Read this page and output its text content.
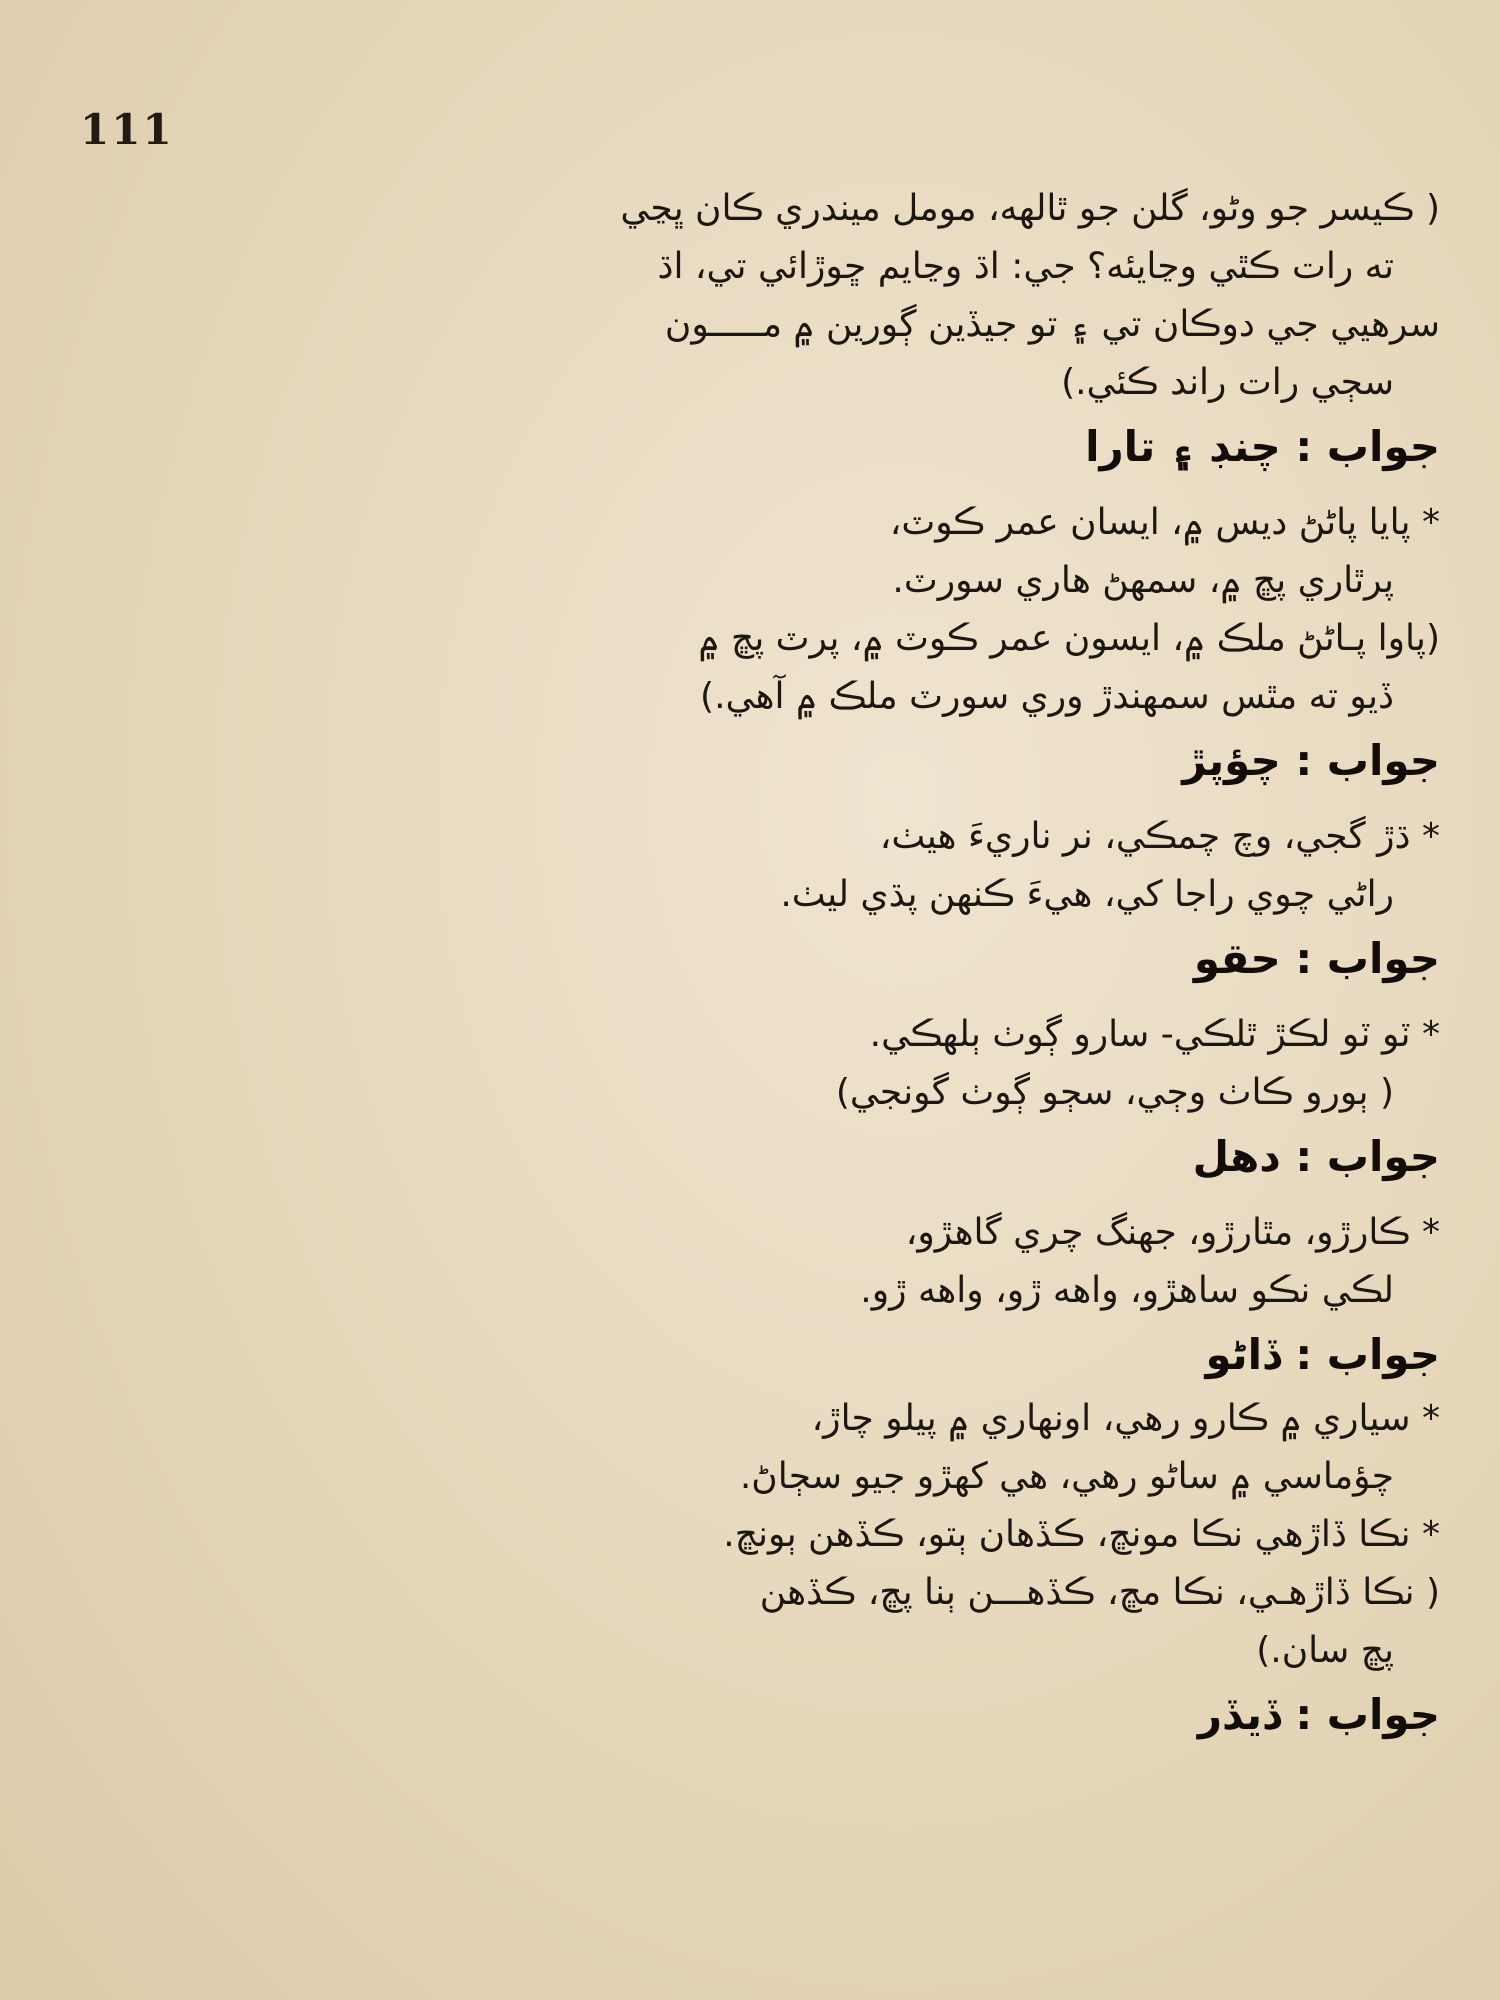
111
( ڪيسر جو وڻو، گلن جو ٿالهه، مومل ميندري ڪان ڀڃي
ته رات ڪٿي وڃايئه؟ جي: اڌ وڃايم ڇوڙائي تي، اڌ
سرهيي جي دوڪان تي ۽ تو جيڏين ڳورين ۾ مـــــون
سڄي رات راند ڪئي.)
جواب : چنڊ ۽ تارا
* پايا پاڻڻ ديس ۾، ايسان عمر ڪوٽ،
پرٿاري پڇ ۾، سمهڻ هاري سورٽ.
(پاوا پـاڻڻ ملڪ ۾، ايسون عمر ڪوٽ ۾، پرٽ پڇ ۾
ڏيو ته مٿس سمهندڙ وري سورٽ ملڪ ۾ آهي.)
جواب : چؤپڙ
* ڌڙ گجي، وچ چمڪي، نر ناريءَ هيٺ،
راڻي چوي راجا کي، هيءَ ڪنهن پڌي ليٺ.
جواب : حقو
* ٽو ٽو لڪڙ ٿلڪي- سارو ڳوٺ ٻلهڪي.
( ٻورو ڪاٺ وڄي، سڄو ڳوٺ گونجي)
جواب : دهل
* ڪارڙو، مٿارڙو، جهنگ چري گاهڙو،
لڪي نڪو ساهڙو، واهه ڙو، واهه ڙو.
جواب : ڏاڻو
* سياري ۾ ڪارو رهي، اونهاري ۾ پيلو چاڙ،
چؤماسي ۾ ساڻو رهي، هي کهڙو جيو سڄاڻ.
* نڪا ڏاڙهي نڪا مونڇ، ڪڏهان ٻتو، ڪڏهن ٻونڇ.
( نڪا ڏاڙهـي، نڪا مڇ، ڪڏهـــن ٻنا پڇ، ڪڏهن
پڇ سان.)
جواب : ڏيڏر
